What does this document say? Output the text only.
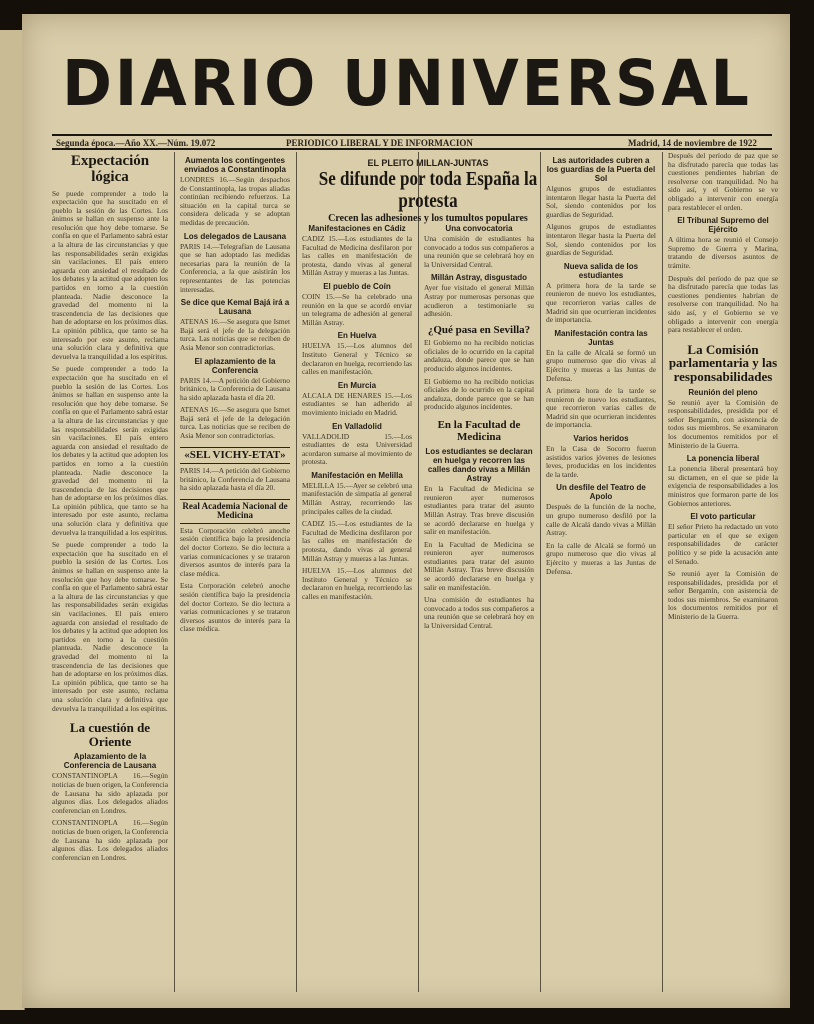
DIARIO UNIVERSAL
Segunda época.—Año XX.—Núm. 19.072	PERIODICO LIBERAL Y DE INFORMACION	Madrid, 14 de noviembre de 1922
Expectación lógica

Se puede comprender a todo la expectación que ha suscitado en el pueblo la sesión de las Cortes. Los ánimos se hallan en suspenso ante la resolución que hoy debe tomarse. Se confía en que el Parlamento sabrá estar a la altura de las circunstancias y que las responsabilidades serán exigidas sin vacilaciones. El país entero aguarda con ansiedad el resultado de los debates y la actitud que adopten los partidos en torno a la cuestión planteada. Nadie desconoce la gravedad del momento ni la trascendencia de las decisiones que han de adoptarse en los próximos días. La opinión pública, que tanto se ha interesado por este asunto, reclama una solución clara y definitiva que devuelva la tranquilidad a los espíritus.

Se puede comprender a todo la expectación que ha suscitado en el pueblo la sesión de las Cortes. Los ánimos se hallan en suspenso ante la resolución que hoy debe tomarse. Se confía en que el Parlamento sabrá estar a la altura de las circunstancias y que las responsabilidades serán exigidas sin vacilaciones. El país entero aguarda con ansiedad el resultado de los debates y la actitud que adopten los partidos en torno a la cuestión planteada. Nadie desconoce la gravedad del momento ni la trascendencia de las decisiones que han de adoptarse en los próximos días. La opinión pública, que tanto se ha interesado por este asunto, reclama una solución clara y definitiva que devuelva la tranquilidad a los espíritus.

Se puede comprender a todo la expectación que ha suscitado en el pueblo la sesión de las Cortes. Los ánimos se hallan en suspenso ante la resolución que hoy debe tomarse. Se confía en que el Parlamento sabrá estar a la altura de las circunstancias y que las responsabilidades serán exigidas sin vacilaciones. El país entero aguarda con ansiedad el resultado de los debates y la actitud que adopten los partidos en torno a la cuestión planteada. Nadie desconoce la gravedad del momento ni la trascendencia de las decisiones que han de adoptarse en los próximos días. La opinión pública, que tanto se ha interesado por este asunto, reclama una solución clara y definitiva que devuelva la tranquilidad a los espíritus.

La cuestión de Oriente
Aplazamiento de la Conferencia de Lausana

CONSTANTINOPLA 16.—Según noticias de buen origen, la Conferencia de Lausana ha sido aplazada por algunos días. Los delegados aliados conferencian en Londres.

CONSTANTINOPLA 16.—Según noticias de buen origen, la Conferencia de Lausana ha sido aplazada por algunos días. Los delegados aliados conferencian en Londres.

Aumenta los contingentes enviados a Constantinopla

LONDRES 16.—Según despachos de Constantinopla, las tropas aliadas continúan recibiendo refuerzos. La situación en la capital turca se considera delicada y se adoptan medidas de precaución.

Los delegados de Lausana

PARIS 14.—Telegrafían de Lausana que se han adoptado las medidas necesarias para la reunión de la Conferencia, a la que asistirán los representantes de las potencias interesadas.

Se dice que Kemal Bajá irá a Lausana

ATENAS 16.—Se asegura que Ismet Bajá será el jefe de la delegación turca. Las noticias que se reciben de Asia Menor son contradictorias.

El aplazamiento de la Conferencia

PARIS 14.—A petición del Gobierno británico, la Conferencia de Lausana ha sido aplazada hasta el día 20.

ATENAS 16.—Se asegura que Ismet Bajá será el jefe de la delegación turca. Las noticias que se reciben de Asia Menor son contradictorias.

«SEL VICHY-ETAT»

PARIS 14.—A petición del Gobierno británico, la Conferencia de Lausana ha sido aplazada hasta el día 20.

Real Academia Nacional de Medicina

Esta Corporación celebró anoche sesión científica bajo la presidencia del doctor Cortezo. Se dio lectura a varias comunicaciones y se trataron diversos asuntos de interés para la clase médica.

Esta Corporación celebró anoche sesión científica bajo la presidencia del doctor Cortezo. Se dio lectura a varias comunicaciones y se trataron diversos asuntos de interés para la clase médica.

EL PLEITO MILLAN-JUNTAS
Se difunde por toda España la protesta
Crecen las adhesiones y los tumultos populares
Manifestaciones en Cádiz

CADIZ 15.—Los estudiantes de la Facultad de Medicina desfilaron por las calles en manifestación de protesta, dando vivas al general Millán Astray y mueras a las Juntas.

El pueblo de Coín

COIN 15.—Se ha celebrado una reunión en la que se acordó enviar un telegrama de adhesión al general Millán Astray.

En Huelva

HUELVA 15.—Los alumnos del Instituto General y Técnico se declararon en huelga, recorriendo las calles en manifestación.

En Murcia

ALCALA DE HENARES 15.—Los estudiantes se han adherido al movimiento iniciado en Madrid.

En Valladolid

VALLADOLID 15.—Los estudiantes de esta Universidad acordaron sumarse al movimiento de protesta.

Manifestación en Melilla

MELILLA 15.—Ayer se celebró una manifestación de simpatía al general Millán Astray, recorriendo las principales calles de la ciudad.

CADIZ 15.—Los estudiantes de la Facultad de Medicina desfilaron por las calles en manifestación de protesta, dando vivas al general Millán Astray y mueras a las Juntas.

HUELVA 15.—Los alumnos del Instituto General y Técnico se declararon en huelga, recorriendo las calles en manifestación.

Una convocatoria

Una comisión de estudiantes ha convocado a todos sus compañeros a una reunión que se celebrará hoy en la Universidad Central.

Millán Astray, disgustado

Ayer fue visitado el general Millán Astray por numerosas personas que acudieron a testimoniarle su adhesión.

¿Qué pasa en Sevilla?

El Gobierno no ha recibido noticias oficiales de lo ocurrido en la capital andaluza, donde parece que se han producido algunos incidentes.

El Gobierno no ha recibido noticias oficiales de lo ocurrido en la capital andaluza, donde parece que se han producido algunos incidentes.

En la Facultad de Medicina
Los estudiantes se declaran en huelga y recorren las calles dando vivas a Millán Astray

En la Facultad de Medicina se reunieron ayer numerosos estudiantes para tratar del asunto Millán Astray. Tras breve discusión se acordó declararse en huelga y salir en manifestación.

En la Facultad de Medicina se reunieron ayer numerosos estudiantes para tratar del asunto Millán Astray. Tras breve discusión se acordó declararse en huelga y salir en manifestación.

Una comisión de estudiantes ha convocado a todos sus compañeros a una reunión que se celebrará hoy en la Universidad Central.

Las autoridades cubren a los guardias de la Puerta del Sol

Algunos grupos de estudiantes intentaron llegar hasta la Puerta del Sol, siendo contenidos por los guardias de Seguridad.

Algunos grupos de estudiantes intentaron llegar hasta la Puerta del Sol, siendo contenidos por los guardias de Seguridad.

Nueva salida de los estudiantes

A primera hora de la tarde se reunieron de nuevo los estudiantes, que recorrieron varias calles de Madrid sin que ocurrieran incidentes de importancia.

Manifestación contra las Juntas

En la calle de Alcalá se formó un grupo numeroso que dio vivas al Ejército y mueras a las Juntas de Defensa.

A primera hora de la tarde se reunieron de nuevo los estudiantes, que recorrieron varias calles de Madrid sin que ocurrieran incidentes de importancia.

Varios heridos

En la Casa de Socorro fueron asistidos varios jóvenes de lesiones leves, producidas en los incidentes de la tarde.

Un desfile del Teatro de Apolo

Después de la función de la noche, un grupo numeroso desfiló por la calle de Alcalá dando vivas a Millán Astray.

En la calle de Alcalá se formó un grupo numeroso que dio vivas al Ejército y mueras a las Juntas de Defensa.

Después del período de paz que se ha disfrutado parecía que todas las cuestiones pendientes habrían de resolverse con tranquilidad. No ha sido así, y el Gobierno se ve obligado a intervenir con energía para restablecer el orden.

El Tribunal Supremo del Ejército

A última hora se reunió el Consejo Supremo de Guerra y Marina, tratando de diversos asuntos de trámite.

Después del período de paz que se ha disfrutado parecía que todas las cuestiones pendientes habrían de resolverse con tranquilidad. No ha sido así, y el Gobierno se ve obligado a intervenir con energía para restablecer el orden.

La Comisión parlamentaria y las responsabilidades
Reunión del pleno

Se reunió ayer la Comisión de responsabilidades, presidida por el señor Bergamín, con asistencia de todos sus miembros. Se examinaron los documentos remitidos por el Ministerio de la Guerra.

La ponencia liberal

La ponencia liberal presentará hoy su dictamen, en el que se pide la exigencia de responsabilidades a los ministros que formaron parte de los Gobiernos anteriores.

El voto particular

El señor Prieto ha redactado un voto particular en el que se exigen responsabilidades de carácter político y se pide la acusación ante el Senado.

Se reunió ayer la Comisión de responsabilidades, presidida por el señor Bergamín, con asistencia de todos sus miembros. Se examinaron los documentos remitidos por el Ministerio de la Guerra.
